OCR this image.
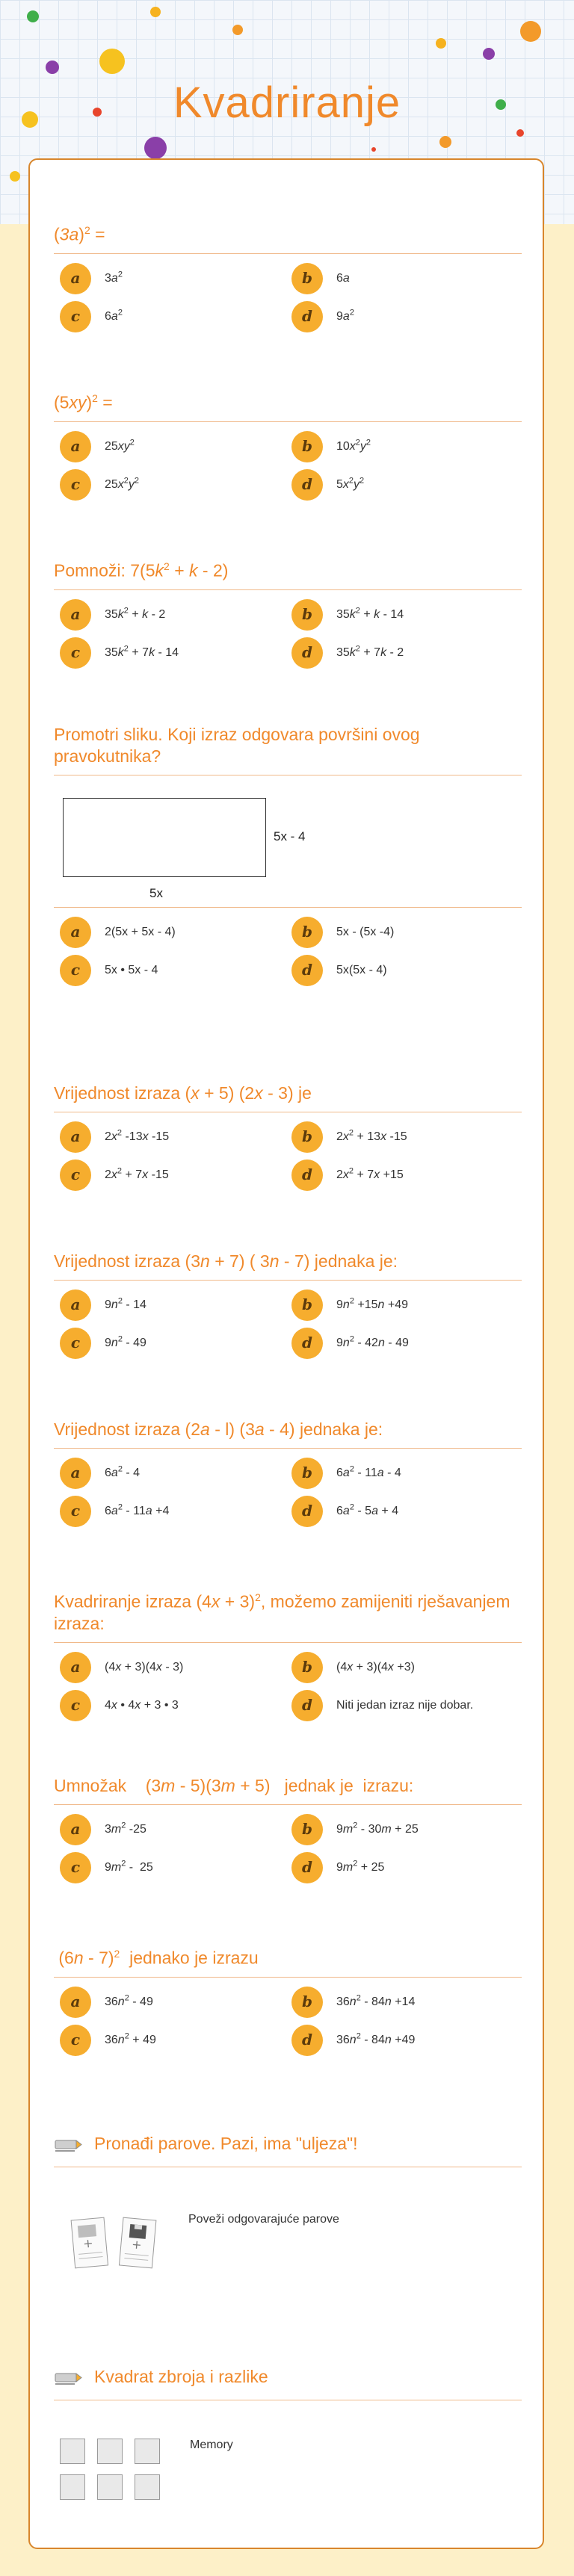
Kvadriranje
$(3a)^2$ =
a	$3a^2$	b	6a
c	$6a^2$	d	$9a^2$
$(5xy)^2$ =
a	$25xy^2$	b	$10x^2y^2$
c	$25x^2y^2$	d	$5x^2y^2$
Pomnoži: $7(5k^2 + k - 2)$
a	$35k^2 + k - 2$	b	$35k^2 + k - 14$
c	$35k^2 + 7k - 14$	d	$35k^2 + 7k - 2$
Promotri sliku. Koji izraz odgovara površini ovog pravokutnika?
5x - 4
5x
a	2(5x + 5x - 4)	b	5x - (5x -4)
c	5x • 5x - 4	d	5x(5x - 4)
Vrijednost izraza (x + 5) (2x - 3) je
a	$2x^2$ -13x -15	b	$2x^2 + 13x$ -15
c	$2x^2 + 7x$ -15	d	$2x^2 + 7x +15$
Vrijednost izraza (3n + 7) ( 3n - 7) jednaka je:
a	$9n^2 - 14$	b	$9n^2 +15n +49$
c	$9n^2 - 49$	d	$9n^2 - 42n - 49$
Vrijednost izraza (2a - l) (3a - 4) jednaka je:
a	$6a^2 - 4$	b	$6a^2 - 11a - 4$
c	$6a^2 - 11a +4$	d	$6a^2 - 5a + 4$
Kvadriranje izraza $(4x + 3)^2$, možemo zamijeniti rješavanjem izraza:
a	(4x + 3)(4x - 3)	b	(4x + 3)(4x +3)
c	4x • 4x + 3 • 3	d	Niti jedan izraz nije dobar.
Umnožak    (3m - 5)(3m + 5)   jednak je  izrazu:
a	$3m^2$ -25	b	$9m^2 - 30m + 25$
c	$9m^2 - 25$	d	$9m^2 + 25$
(6n - 7)$^2$  jednako je izrazu
a	$36n^2 - 49$	b	$36n^2 - 84n +14$
c	$36n^2 + 49$	d	$36n^2 - 84n +49$
Pronađi parove. Pazi, ima "uljeza"!
+	+
Poveži odgovarajuće parove
Kvadrat zbroja i razlike
Memory
